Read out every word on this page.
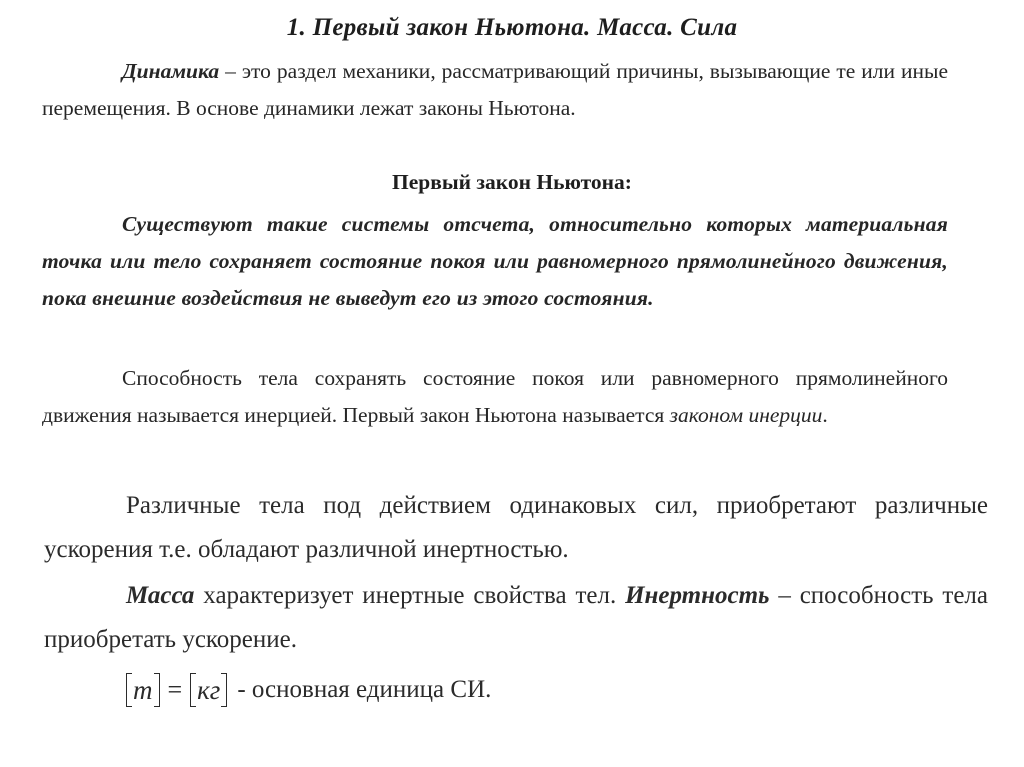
1. Первый закон Ньютона. Масса. Сила

Динамика – это раздел механики, рассматривающий причины, вызывающие те или иные перемещения. В основе динамики лежат законы Ньютона.

Первый закон Ньютона:

Существуют такие системы отсчета, относительно которых материальная точка или тело сохраняет состояние покоя или равномерного прямолинейного движения, пока внешние воздействия не выведут его из этого состояния.

Способность тела сохранять состояние покоя или равномерного прямолинейного движения называется инерцией. Первый закон Ньютона называется законом инерции.

Различные тела под действием одинаковых сил, приобретают различные ускорения т.е. обладают различной инертностью.

Масса характеризует инертные свойства тел. Инертность – способность тела приобретать ускорение.

m = кг - основная единица СИ.
